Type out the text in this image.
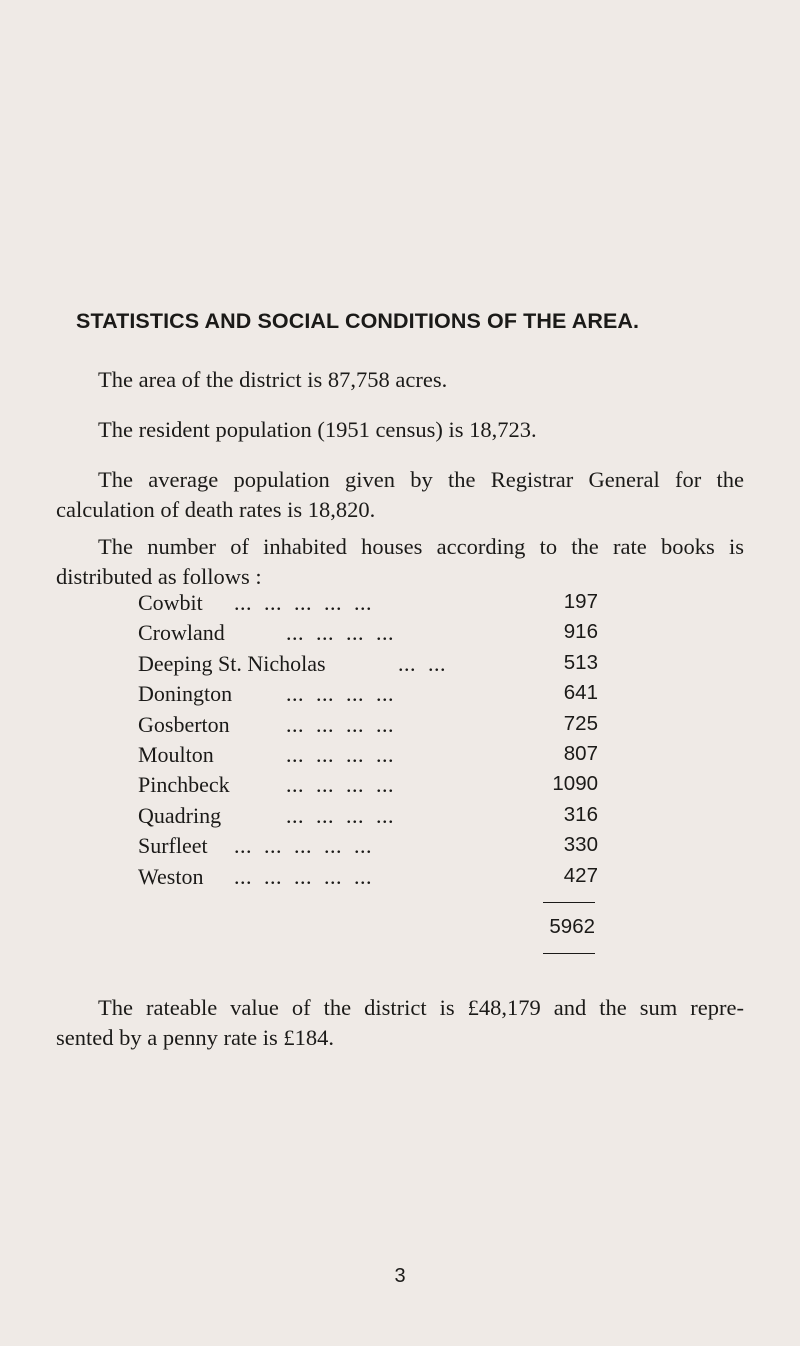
STATISTICS AND SOCIAL CONDITIONS OF THE AREA.
The area of the district is 87,758 acres.
The resident population (1951 census) is 18,723.
The average population given by the Registrar General for the
calculation of death rates is 18,820.
The number of inhabited houses according to the rate books is
distributed as follows :
Cowbit ...  ...  ...  ...  ...	197
Crowland	...  ...  ...  ...	916
Deeping St. Nicholas	...  ...	513
Donington ...  ...  ...  ...	641
Gosberton	...  ...  ...  ...	725
Moulton	...  ...  ...  ...	807
Pinchbeck	...  ...  ...  ...	1090
Quadring	...  ...  ...  ...	316
Surfleet ...  ...  ...  ...  ...	330
Weston ...  ...  ...  ...  ...	427
5962
The rateable value of the district is £48,179 and the sum repre-
sented by a penny rate is £184.
3
